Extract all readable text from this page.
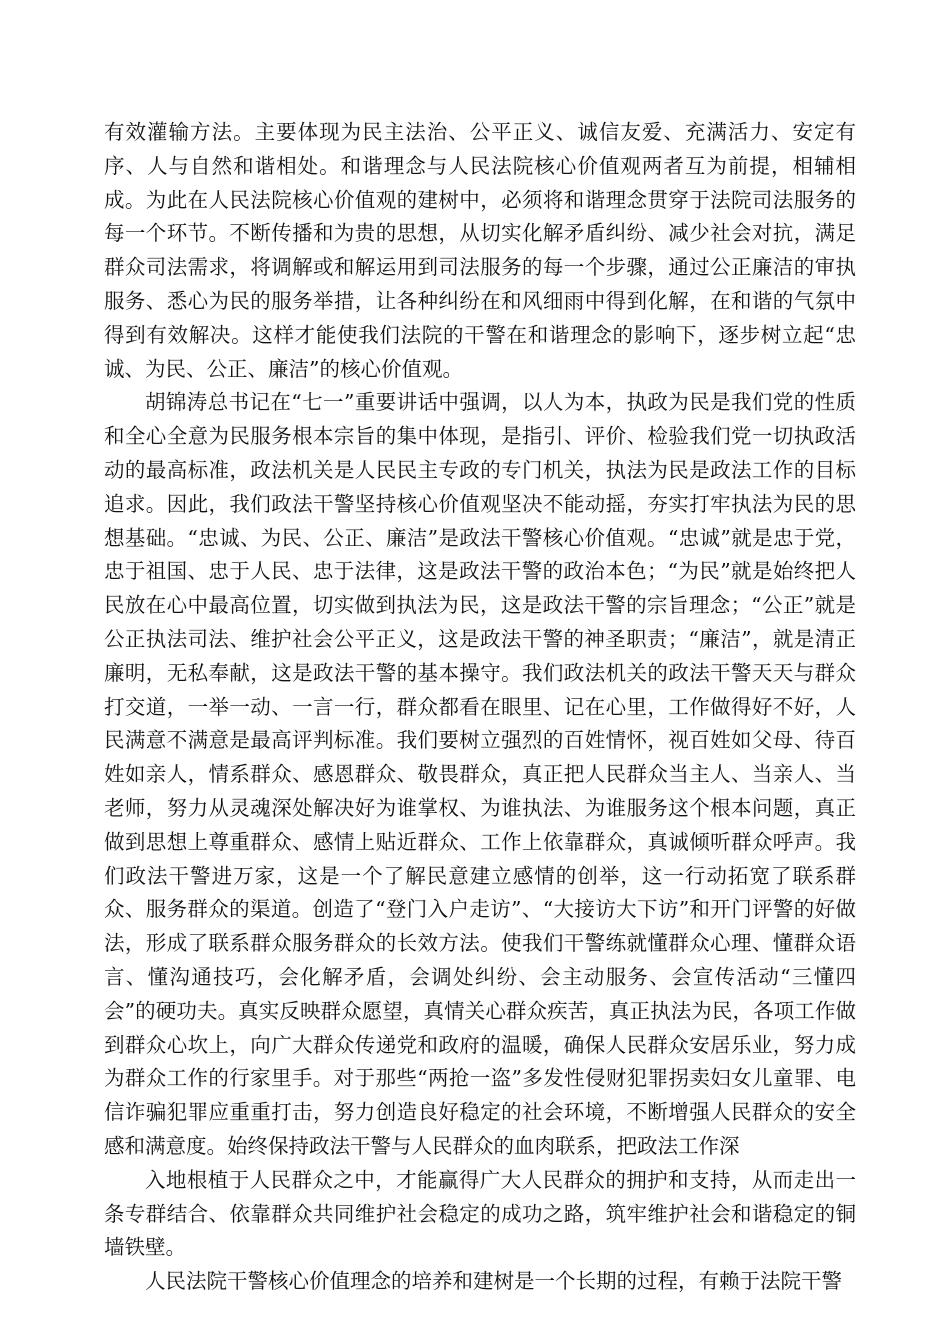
有效灌输方法。主要体现为民主法治、公平正义、诚信友爱、充满活力、安定有序、人与自然和谐相处。和谐理念与人民法院核心价值观两者互为前提，相辅相成。为此在人民法院核心价值观的建树中，必须将和谐理念贯穿于法院司法服务的每一个环节。不断传播和为贵的思想，从切实化解矛盾纠纷、减少社会对抗，满足群众司法需求，将调解或和解运用到司法服务的每一个步骤，通过公正廉洁的审执服务、悉心为民的服务举措，让各种纠纷在和风细雨中得到化解，在和谐的气氛中得到有效解决。这样才能使我们法院的干警在和谐理念的影响下，逐步树立起“忠诚、为民、公正、廉洁”的核心价值观。

胡锦涛总书记在“七一”重要讲话中强调，以人为本，执政为民是我们党的性质和全心全意为民服务根本宗旨的集中体现，是指引、评价、检验我们党一切执政活动的最高标准，政法机关是人民民主专政的专门机关，执法为民是政法工作的目标追求。因此，我们政法干警坚持核心价值观坚决不能动摇，夯实打牢执法为民的思想基础。“忠诚、为民、公正、廉洁”是政法干警核心价值观。“忠诚”就是忠于党，忠于祖国、忠于人民、忠于法律，这是政法干警的政治本色；“为民”就是始终把人民放在心中最高位置，切实做到执法为民，这是政法干警的宗旨理念；“公正”就是公正执法司法、维护社会公平正义，这是政法干警的神圣职责；“廉洁”，就是清正廉明，无私奉献，这是政法干警的基本操守。我们政法机关的政法干警天天与群众打交道，一举一动、一言一行，群众都看在眼里、记在心里，工作做得好不好，人民满意不满意是最高评判标准。我们要树立强烈的百姓情怀，视百姓如父母、待百姓如亲人，情系群众、感恩群众、敬畏群众，真正把人民群众当主人、当亲人、当老师，努力从灵魂深处解决好为谁掌权、为谁执法、为谁服务这个根本问题，真正做到思想上尊重群众、感情上贴近群众、工作上依靠群众，真诚倾听群众呼声。我们政法干警进万家，这是一个了解民意建立感情的创举，这一行动拓宽了联系群众、服务群众的渠道。创造了“登门入户走访”、“大接访大下访”和开门评警的好做法，形成了联系群众服务群众的长效方法。使我们干警练就懂群众心理、懂群众语言、懂沟通技巧，会化解矛盾，会调处纠纷、会主动服务、会宣传活动“三懂四会”的硬功夫。真实反映群众愿望，真情关心群众疾苦，真正执法为民，各项工作做到群众心坎上，向广大群众传递党和政府的温暖，确保人民群众安居乐业，努力成为群众工作的行家里手。对于那些“两抢一盗”多发性侵财犯罪拐卖妇女儿童罪、电信诈骗犯罪应重重打击，努力创造良好稳定的社会环境，不断增强人民群众的安全感和满意度。始终保持政法干警与人民群众的血肉联系，把政法工作深

入地根植于人民群众之中，才能赢得广大人民群众的拥护和支持，从而走出一条专群结合、依靠群众共同维护社会稳定的成功之路，筑牢维护社会和谐稳定的铜墙铁壁。

人民法院干警核心价值理念的培养和建树是一个长期的过程，有赖于法院干警
